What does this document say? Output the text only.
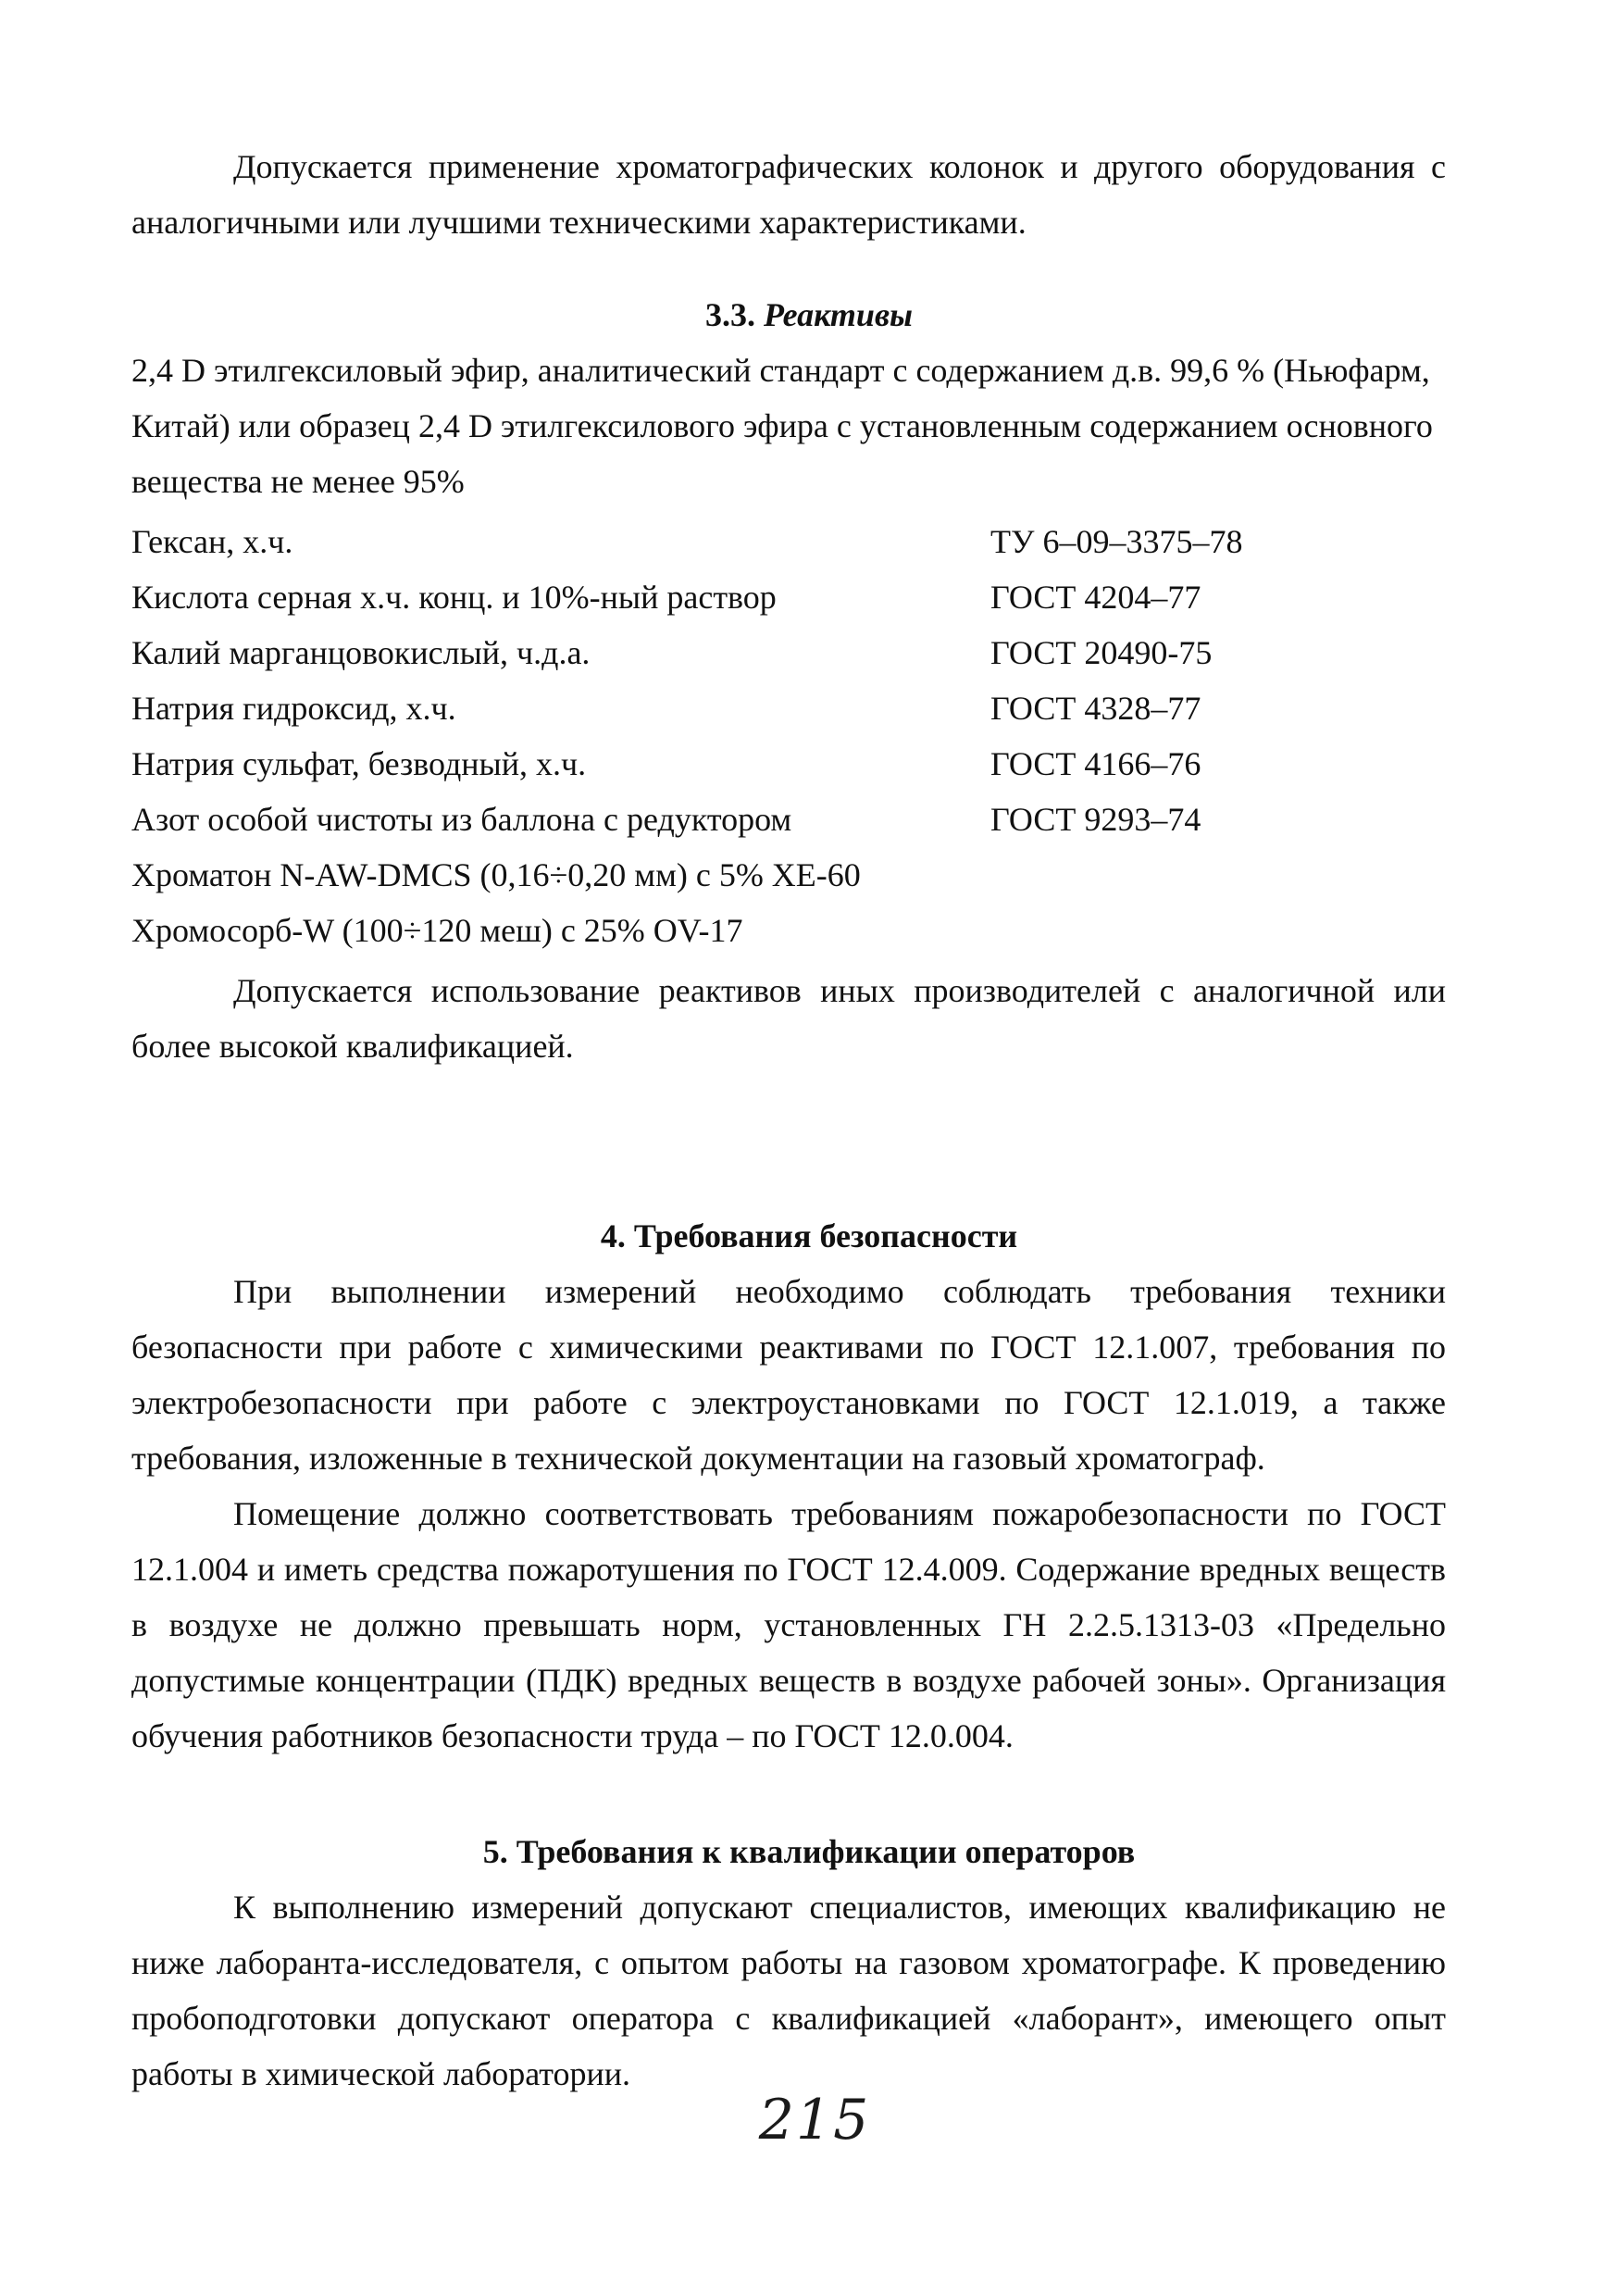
Допускается применение хроматографических колонок и другого оборудования с аналогичными или лучшими техническими характеристиками.

3.3. Реактивы
2,4 D этилгексиловый эфир, аналитический стандарт с содержанием д.в. 99,6 % (Ньюфарм,
Китай) или образец 2,4 D этилгексилового эфира с установленным содержанием основного
вещества не менее 95%
Гексан, х.ч.	ТУ 6–09–3375–78
Кислота серная х.ч. конц. и 10%-ный раствор	ГОСТ 4204–77
Калий марганцовокислый, ч.д.а.	ГОСТ 20490-75
Натрия гидроксид, х.ч.	ГОСТ 4328–77
Натрия сульфат, безводный, х.ч.	ГОСТ 4166–76
Азот особой чистоты из баллона с редуктором	ГОСТ 9293–74
Хроматон N-AW-DMCS (0,16÷0,20 мм) с 5% XE-60
Хромосорб-W (100÷120 меш) с 25% OV-17

Допускается использование реактивов иных производителей с аналогичной или более высокой квалификацией.

4. Требования безопасности

При выполнении измерений необходимо соблюдать требования техники безопасности при работе с химическими реактивами по ГОСТ 12.1.007, требования по электробезопасности при работе с электроустановками по ГОСТ 12.1.019, а также требования, изложенные в технической документации на газовый хроматограф.

Помещение должно соответствовать требованиям пожаробезопасности по ГОСТ 12.1.004 и иметь средства пожаротушения по ГОСТ 12.4.009. Содержание вредных веществ в воздухе не должно превышать норм, установленных ГН 2.2.5.1313-03 «Предельно допустимые концентрации (ПДК) вредных веществ в воздухе рабочей зоны». Организация обучения работников безопасности труда – по ГОСТ 12.0.004.

5. Требования к квалификации операторов

К выполнению измерений допускают специалистов, имеющих квалификацию не ниже лаборанта-исследователя, с опытом работы на газовом хроматографе. К проведению пробоподготовки допускают оператора с квалификацией «лаборант», имеющего опыт работы в химической лаборатории.

215
